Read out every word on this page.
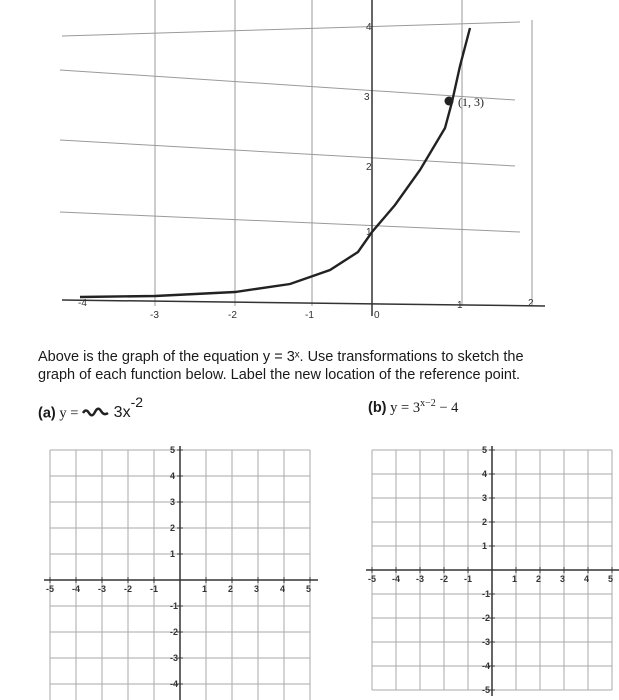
(1, 3)
-4
-3	-2	-1	0
1	2
1
2
3
4
Above is the graph of the equation y = 3ˣ. Use transformations to sketch the
graph of each function below. Label the new location of the reference point.
(a) $y = 3x^{-2}$	(b) $y = 3^{x-2} - 4$
-5 -4 -3 -2 -1	1 2 3 4 5
5
4
3
2
1
-1
-2
-3
-4
-5 -4 -3 -2 -1	1 2 3 4 5
5
4
3
2
1
-1
-2
-3
-4
-5
